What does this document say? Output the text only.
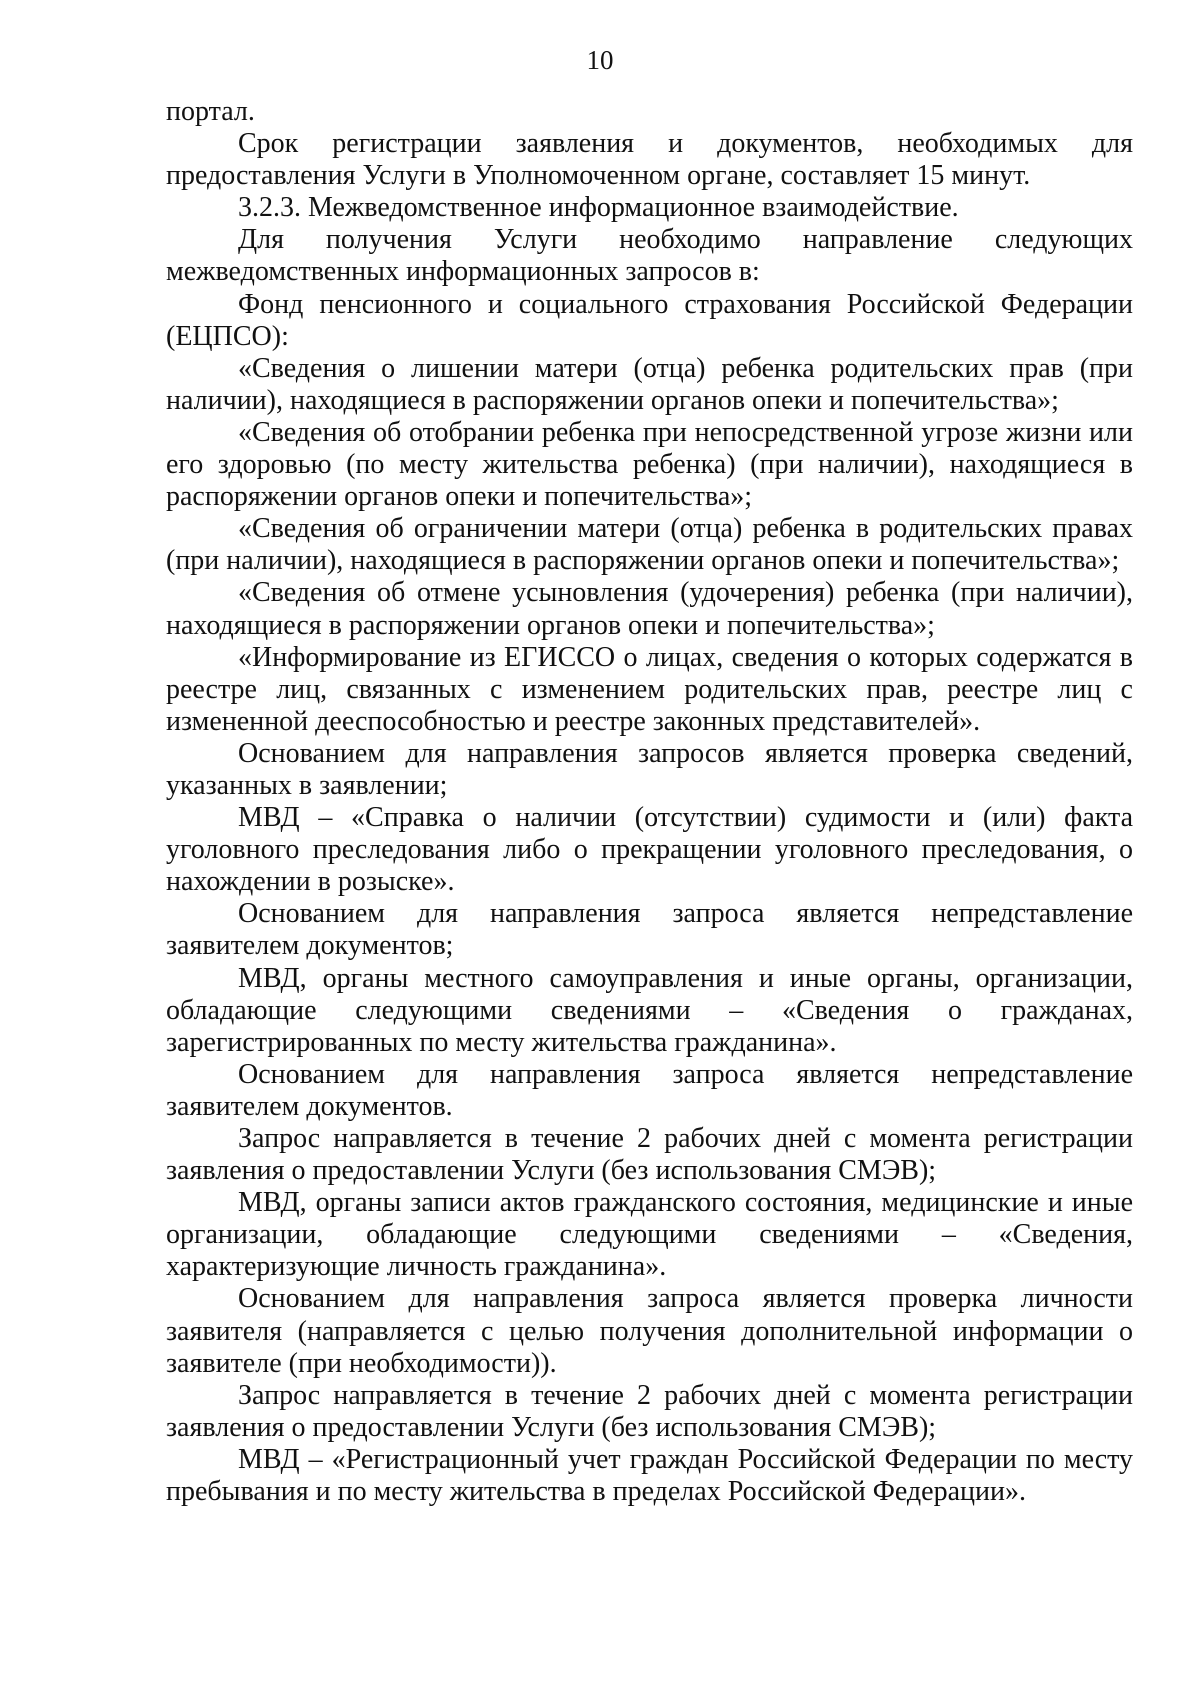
10

портал.

Срок регистрации заявления и документов, необходимых для предоставления Услуги в Уполномоченном органе, составляет 15 минут.

3.2.3. Межведомственное информационное взаимодействие.

Для получения Услуги необходимо направление следующих межведомственных информационных запросов в:

Фонд пенсионного и социального страхования Российской Федерации (ЕЦПСО):

«Сведения о лишении матери (отца) ребенка родительских прав (при наличии), находящиеся в распоряжении органов опеки и попечительства»;

«Сведения об отобрании ребенка при непосредственной угрозе жизни или его здоровью (по месту жительства ребенка) (при наличии), находящиеся в распоряжении органов опеки и попечительства»;

«Сведения об ограничении матери (отца) ребенка в родительских правах (при наличии), находящиеся в распоряжении органов опеки и попечительства»;

«Сведения об отмене усыновления (удочерения) ребенка (при наличии), находящиеся в распоряжении органов опеки и попечительства»;

«Информирование из ЕГИССО о лицах, сведения о которых содержатся в реестре лиц, связанных с изменением родительских прав, реестре лиц с измененной дееспособностью и реестре законных представителей».

Основанием для направления запросов является проверка сведений, указанных в заявлении;

МВД – «Справка о наличии (отсутствии) судимости и (или) факта уголовного преследования либо о прекращении уголовного преследования, о нахождении в розыске».

Основанием для направления запроса является непредставление заявителем документов;

МВД, органы местного самоуправления и иные органы, организации, обладающие следующими сведениями – «Сведения о гражданах, зарегистрированных по месту жительства гражданина».

Основанием для направления запроса является непредставление заявителем документов.

Запрос направляется в течение 2 рабочих дней с момента регистрации заявления о предоставлении Услуги (без использования СМЭВ);

МВД, органы записи актов гражданского состояния, медицинские и иные организации, обладающие следующими сведениями – «Сведения, характеризующие личность гражданина».

Основанием для направления запроса является проверка личности заявителя (направляется с целью получения дополнительной информации о заявителе (при необходимости)).

Запрос направляется в течение 2 рабочих дней с момента регистрации заявления о предоставлении Услуги (без использования СМЭВ);

МВД – «Регистрационный учет граждан Российской Федерации по месту пребывания и по месту жительства в пределах Российской Федерации».
